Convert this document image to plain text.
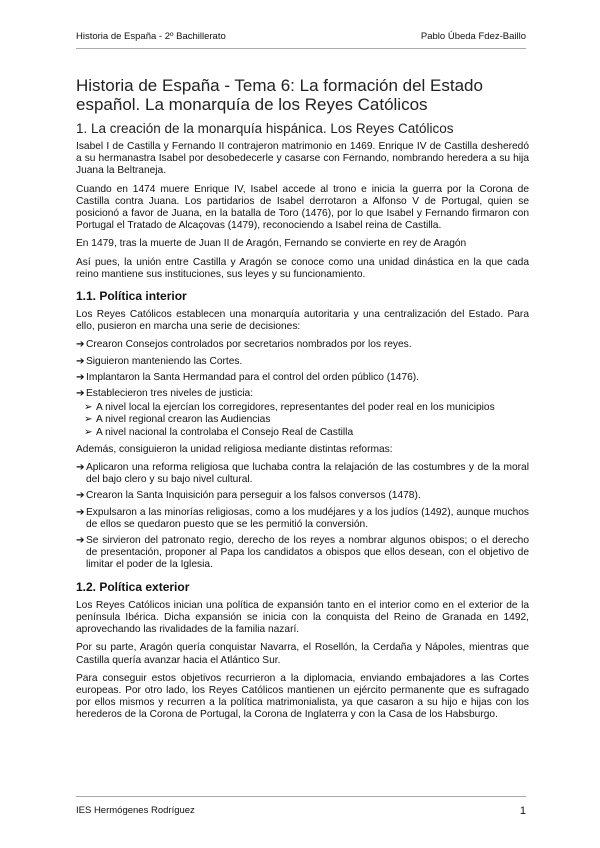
Historia de España - 2º Bachillerato	Pablo Úbeda Fdez-Baillo
Historia de España - Tema 6: La formación del Estado español. La monarquía de los Reyes Católicos
1. La creación de la monarquía hispánica. Los Reyes Católicos

Isabel I de Castilla y Fernando II contrajeron matrimonio en 1469. Enrique IV de Castilla desheredó a su hermanastra Isabel por desobedecerle y casarse con Fernando, nombrando heredera a su hija Juana la Beltraneja.

Cuando en 1474 muere Enrique IV, Isabel accede al trono e inicia la guerra por la Corona de Castilla contra Juana. Los partidarios de Isabel derrotaron a Alfonso V de Portugal, quien se posicionó a favor de Juana, en la batalla de Toro (1476), por lo que Isabel y Fernando firmaron con Portugal el Tratado de Alcaçovas (1479), reconociendo a Isabel reina de Castilla.

En 1479, tras la muerte de Juan II de Aragón, Fernando se convierte en rey de Aragón

Así pues, la unión entre Castilla y Aragón se conoce como una unidad dinástica en la que cada reino mantiene sus instituciones, sus leyes y su funcionamiento.

1.1. Política interior

Los Reyes Católicos establecen una monarquía autoritaria y una centralización del Estado. Para ello, pusieron en marcha una serie de decisiones:

➔Crearon Consejos controlados por secretarios nombrados por los reyes.
➔Siguieron manteniendo las Cortes.
➔Implantaron la Santa Hermandad para el control del orden público (1476).
➔Establecieron tres niveles de justicia:
➢ A nivel local la ejercían los corregidores, representantes del poder real en los municipios
➢ A nivel regional crearon las Audiencias
➢ A nivel nacional la controlaba el Consejo Real de Castilla

Además, consiguieron la unidad religiosa mediante distintas reformas:

➔Aplicaron una reforma religiosa que luchaba contra la relajación de las costumbres y de la moral del bajo clero y su bajo nivel cultural.
➔Crearon la Santa Inquisición para perseguir a los falsos conversos (1478).
➔Expulsaron a las minorías religiosas, como a los mudéjares y a los judíos (1492), aunque muchos de ellos se quedaron puesto que se les permitió la conversión.
➔Se sirvieron del patronato regio, derecho de los reyes a nombrar algunos obispos; o el derecho de presentación, proponer al Papa los candidatos a obispos que ellos desean, con el objetivo de limitar el poder de la Iglesia.
1.2. Política exterior

Los Reyes Católicos inician una política de expansión tanto en el interior como en el exterior de la península Ibérica. Dicha expansión se inicia con la conquista del Reino de Granada en 1492, aprovechando las rivalidades de la familia nazarí.

Por su parte, Aragón quería conquistar Navarra, el Rosellón, la Cerdaña y Nápoles, mientras que Castilla quería avanzar hacia el Atlántico Sur.

Para conseguir estos objetivos recurrieron a la diplomacia, enviando embajadores a las Cortes europeas. Por otro lado, los Reyes Católicos mantienen un ejército permanente que es sufragado por ellos mismos y recurren a la política matrimonialista, ya que casaron a su hijo e hijas con los herederos de la Corona de Portugal, la Corona de Inglaterra y con la Casa de los Habsburgo.

IES Hermógenes Rodríguez	1
